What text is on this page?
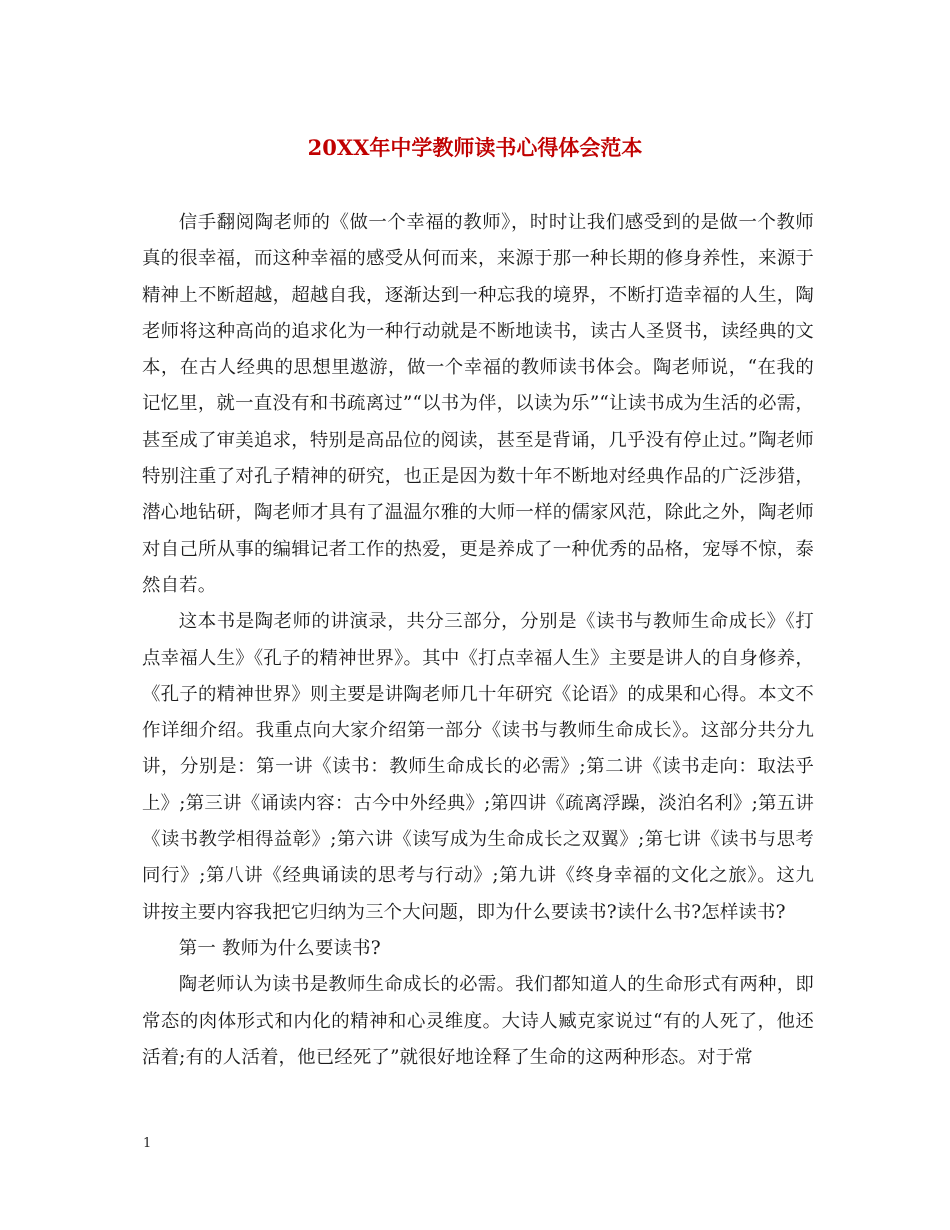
20XX年中学教师读书心得体会范本

信手翻阅陶老师的《做一个幸福的教师》，时时让我们感受到的是做一个教师真的很幸福，而这种幸福的感受从何而来，来源于那一种长期的修身养性，来源于精神上不断超越，超越自我，逐渐达到一种忘我的境界，不断打造幸福的人生，陶老师将这种高尚的追求化为一种行动就是不断地读书，读古人圣贤书，读经典的文本，在古人经典的思想里遨游，做一个幸福的教师读书体会。陶老师说，“在我的记忆里，就一直没有和书疏离过”“以书为伴，以读为乐”“让读书成为生活的必需，甚至成了审美追求，特别是高品位的阅读，甚至是背诵，几乎没有停止过。”陶老师特别注重了对孔子精神的研究，也正是因为数十年不断地对经典作品的广泛涉猎，潜心地钻研，陶老师才具有了温温尔雅的大师一样的儒家风范，除此之外，陶老师对自己所从事的编辑记者工作的热爱，更是养成了一种优秀的品格，宠辱不惊，泰然自若。

这本书是陶老师的讲演录，共分三部分，分别是《读书与教师生命成长》《打点幸福人生》《孔子的精神世界》。其中《打点幸福人生》主要是讲人的自身修养，《孔子的精神世界》则主要是讲陶老师几十年研究《论语》的成果和心得。本文不作详细介绍。我重点向大家介绍第一部分《读书与教师生命成长》。这部分共分九讲，分别是：第一讲《读书：教师生命成长的必需》;第二讲《读书走向：取法乎上》;第三讲《诵读内容：古今中外经典》;第四讲《疏离浮躁，淡泊名利》;第五讲《读书教学相得益彰》;第六讲《读写成为生命成长之双翼》;第七讲《读书与思考同行》;第八讲《经典诵读的思考与行动》;第九讲《终身幸福的文化之旅》。这九讲按主要内容我把它归纳为三个大问题，即为什么要读书?读什么书?怎样读书?

第一 教师为什么要读书?

陶老师认为读书是教师生命成长的必需。我们都知道人的生命形式有两种，即常态的肉体形式和内化的精神和心灵维度。大诗人臧克家说过“有的人死了，他还活着;有的人活着，他已经死了”就很好地诠释了生命的这两种形态。对于常

1
